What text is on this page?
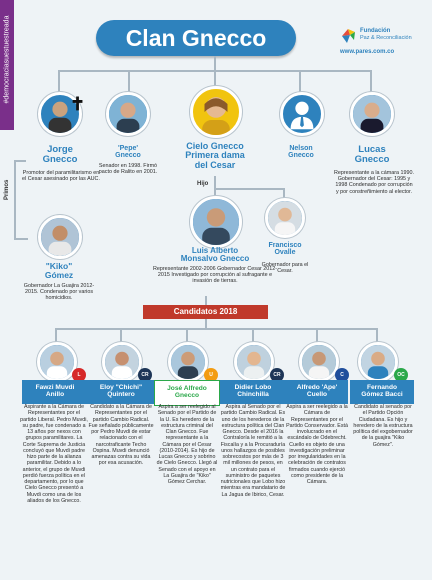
#democraciasuestuestreada	Clan Gnecco	Fundación
Paz & Reconciliación
www.pares.com.co
✝
Jorge
Gnecco
Promotor del paramilitarismo en el Cesar asesinado por las AUC.
'Pepe'
Gnecco
Senador en 1998. Firmó pacto de Ralito en 2001.
Cielo Gnecco
Primera dama
del Cesar
Nelson
Gnecco
Lucas
Gnecco
Representante a la cámara 1990. Gobernador del Cesar: 1995 y 1998 Condenado por corrupción y por constreñimiento al elector.
Primos	Hijo
"Kiko"
Gómez
Gobernador La Guajira 2012-2015. Condenado por varios homicidios.
Luis Alberto
Monsalvo Gnecco
Representante 2002-2006 Gobernador Cesar 2012-2015 Investigado por corrupción al sufragante e invasión de tierras.
Francisco
Ovalle
Gobernador para el Cesar.
Candidatos 2018
L
Fawzi Muvdi
Anillo
Aspirante a la Cámara de Representantes por el partido Liberal. Pedro Muvdi, su padre, fue condenado a 13 años por nexos con grupos paramilitares. La Corte Suprema de Justicia concluyó que Muvdi padre hizo parte de la alianza paramilitar. Debido a lo anterior, el grupo de Muvdi perdió fuerza política en el departamento, por lo que Cielo Gnecco presentó a Muvdi como una de los aliados de los Gnecco.
CR
Eloy "Chichi"
Quintero
Candidato a la Cámara de Representantes por el partido Cambio Radical. Fue señalado públicamente por Pedro Muvdi de estar relacionado con el narcotraficante Techo Ospina. Muvdi denunció amenazas contra su vida por esa acusación.
U
José Alfredo
Gnecco
Aspira a ser reelegido al Senado por el Partido de la U. Es heredero de la estructura criminal del Clan Gnecco. Fue representante a la Cámara por el Cesar (2010-2014). Es hijo de Lucas Gnecco y sobrino de Cielo Gnecco. Llegó al Senado con el apoyo en La Guajira de "Kiko" Gómez Cerchar.
CR
Didier Lobo
Chinchilla
Aspira al Senado por el partido Cambio Radical. Es uno de los herederos de la estructura política del Clan Gnecco. Desde el 2016 la Contraloría le remitió a la Fiscalía y a la Procuraduría unos hallazgos de posibles sobrecostos por más de 3 mil millones de pesos, en un contrato para el suministro de paquetes nutricionales que Lobo hizo mientras era mandatario de La Jagua de Ibirico, Cesar.
C
Alfredo 'Ape'
Cuello
Aspira a ser reelegido a la Cámara de Representantes por el Partido Conservador. Está involucrado en el escándalo de Odebrecht. Cuello es objeto de una investigación preliminar por irregularidades en la celebración de contratos firmados cuando ejerció como presidente de la Cámara.
OC
Fernando
Gómez Bacci
Candidato al senado por el Partido Opción Ciudadana. Es hijo y heredero de la estructura política del exgobernador de la guajira "Kiko Gómez".
